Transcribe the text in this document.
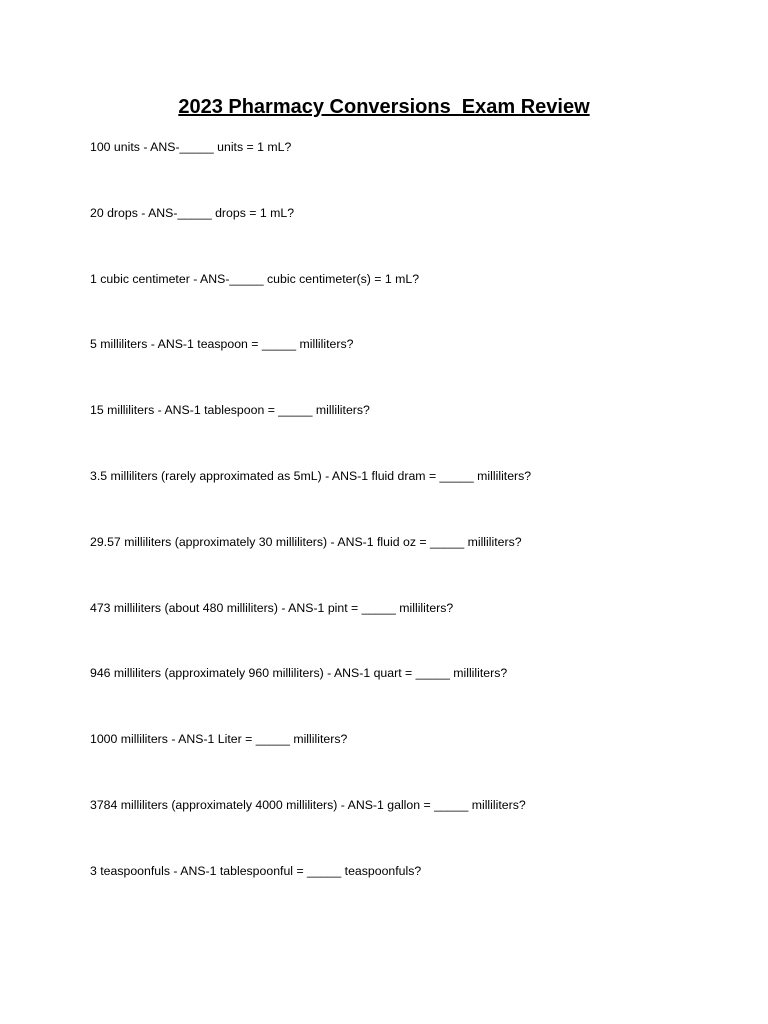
2023 Pharmacy Conversions  Exam Review
100 units - ANS-_____ units = 1 mL?
20 drops - ANS-_____ drops = 1 mL?
1 cubic centimeter - ANS-_____ cubic centimeter(s) = 1 mL?
5 milliliters - ANS-1 teaspoon = _____ milliliters?
15 milliliters - ANS-1 tablespoon = _____ milliliters?
3.5 milliliters (rarely approximated as 5mL) - ANS-1 fluid dram = _____ milliliters?
29.57 milliliters (approximately 30 milliliters) - ANS-1 fluid oz = _____ milliliters?
473 milliliters (about 480 milliliters) - ANS-1 pint = _____ milliliters?
946 milliliters (approximately 960 milliliters) - ANS-1 quart = _____ milliliters?
1000 milliliters - ANS-1 Liter = _____ milliliters?
3784 milliliters (approximately 4000 milliliters) - ANS-1 gallon = _____ milliliters?
3 teaspoonfuls - ANS-1 tablespoonful = _____ teaspoonfuls?
